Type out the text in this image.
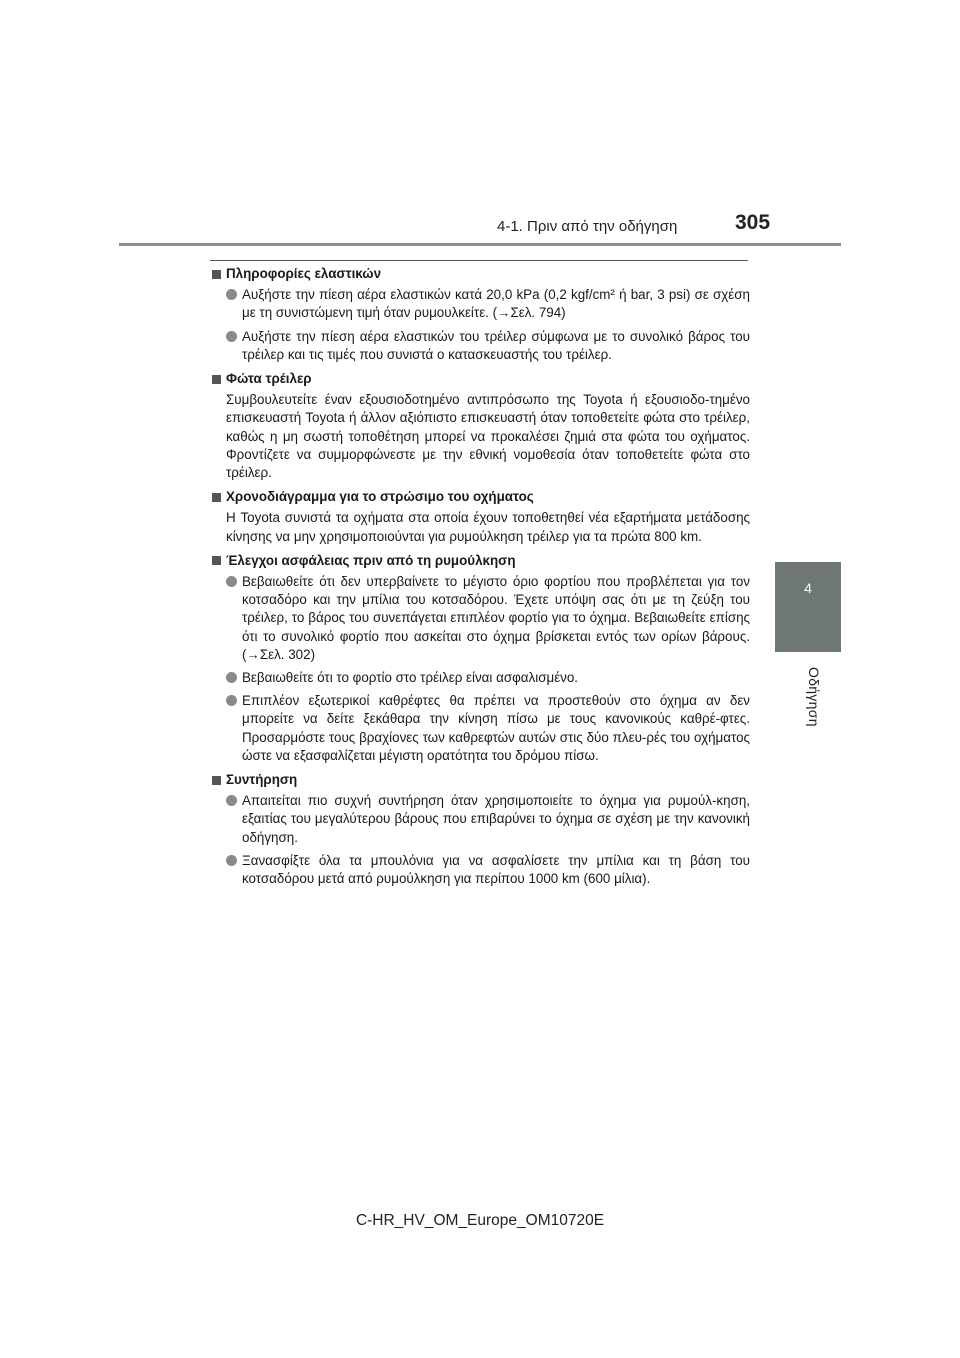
4-1. Πριν από την οδήγηση	305
4
Οδήγηση
Πληροφορίες ελαστικών
Αυξήστε την πίεση αέρα ελαστικών κατά 20,0 kPa (0,2 kgf/cm² ή bar, 3 psi) σε σχέση με τη συνιστώμενη τιμή όταν ρυμουλκείτε. (→Σελ. 794)
Αυξήστε την πίεση αέρα ελαστικών του τρέιλερ σύμφωνα με το συνολικό βάρος του τρέιλερ και τις τιμές που συνιστά ο κατασκευαστής του τρέιλερ.
Φώτα τρέιλερ
Συμβουλευτείτε έναν εξουσιοδοτημένο αντιπρόσωπο της Toyota ή εξουσιοδο-τημένο επισκευαστή Toyota ή άλλον αξιόπιστο επισκευαστή όταν τοποθετείτε φώτα στο τρέιλερ, καθώς η μη σωστή τοποθέτηση μπορεί να προκαλέσει ζημιά στα φώτα του οχήματος. Φροντίζετε να συμμορφώνεστε με την εθνική νομοθεσία όταν τοποθετείτε φώτα στο τρέιλερ.
Χρονοδιάγραμμα για το στρώσιμο του οχήματος
Η Toyota συνιστά τα οχήματα στα οποία έχουν τοποθετηθεί νέα εξαρτήματα μετάδοσης κίνησης να μην χρησιμοποιούνται για ρυμούλκηση τρέιλερ για τα πρώτα 800 km.
Έλεγχοι ασφάλειας πριν από τη ρυμούλκηση
Βεβαιωθείτε ότι δεν υπερβαίνετε το μέγιστο όριο φορτίου που προβλέπεται για τον κοτσαδόρο και την μπίλια του κοτσαδόρου. Έχετε υπόψη σας ότι με τη ζεύξη του τρέιλερ, το βάρος του συνεπάγεται επιπλέον φορτίο για το όχημα. Βεβαιωθείτε επίσης ότι το συνολικό φορτίο που ασκείται στο όχημα βρίσκεται εντός των ορίων βάρους. (→Σελ. 302)
Βεβαιωθείτε ότι το φορτίο στο τρέιλερ είναι ασφαλισμένο.
Επιπλέον εξωτερικοί καθρέφτες θα πρέπει να προστεθούν στο όχημα αν δεν μπορείτε να δείτε ξεκάθαρα την κίνηση πίσω με τους κανονικούς καθρέ-φτες. Προσαρμόστε τους βραχίονες των καθρεφτών αυτών στις δύο πλευ-ρές του οχήματος ώστε να εξασφαλίζεται μέγιστη ορατότητα του δρόμου πίσω.
Συντήρηση
Απαιτείται πιο συχνή συντήρηση όταν χρησιμοποιείτε το όχημα για ρυμούλ-κηση, εξαιτίας του μεγαλύτερου βάρους που επιβαρύνει το όχημα σε σχέση με την κανονική οδήγηση.
Ξανασφίξτε όλα τα μπουλόνια για να ασφαλίσετε την μπίλια και τη βάση του κοτσαδόρου μετά από ρυμούλκηση για περίπου 1000 km (600 μίλια).
C-HR_HV_OM_Europe_OM10720E
